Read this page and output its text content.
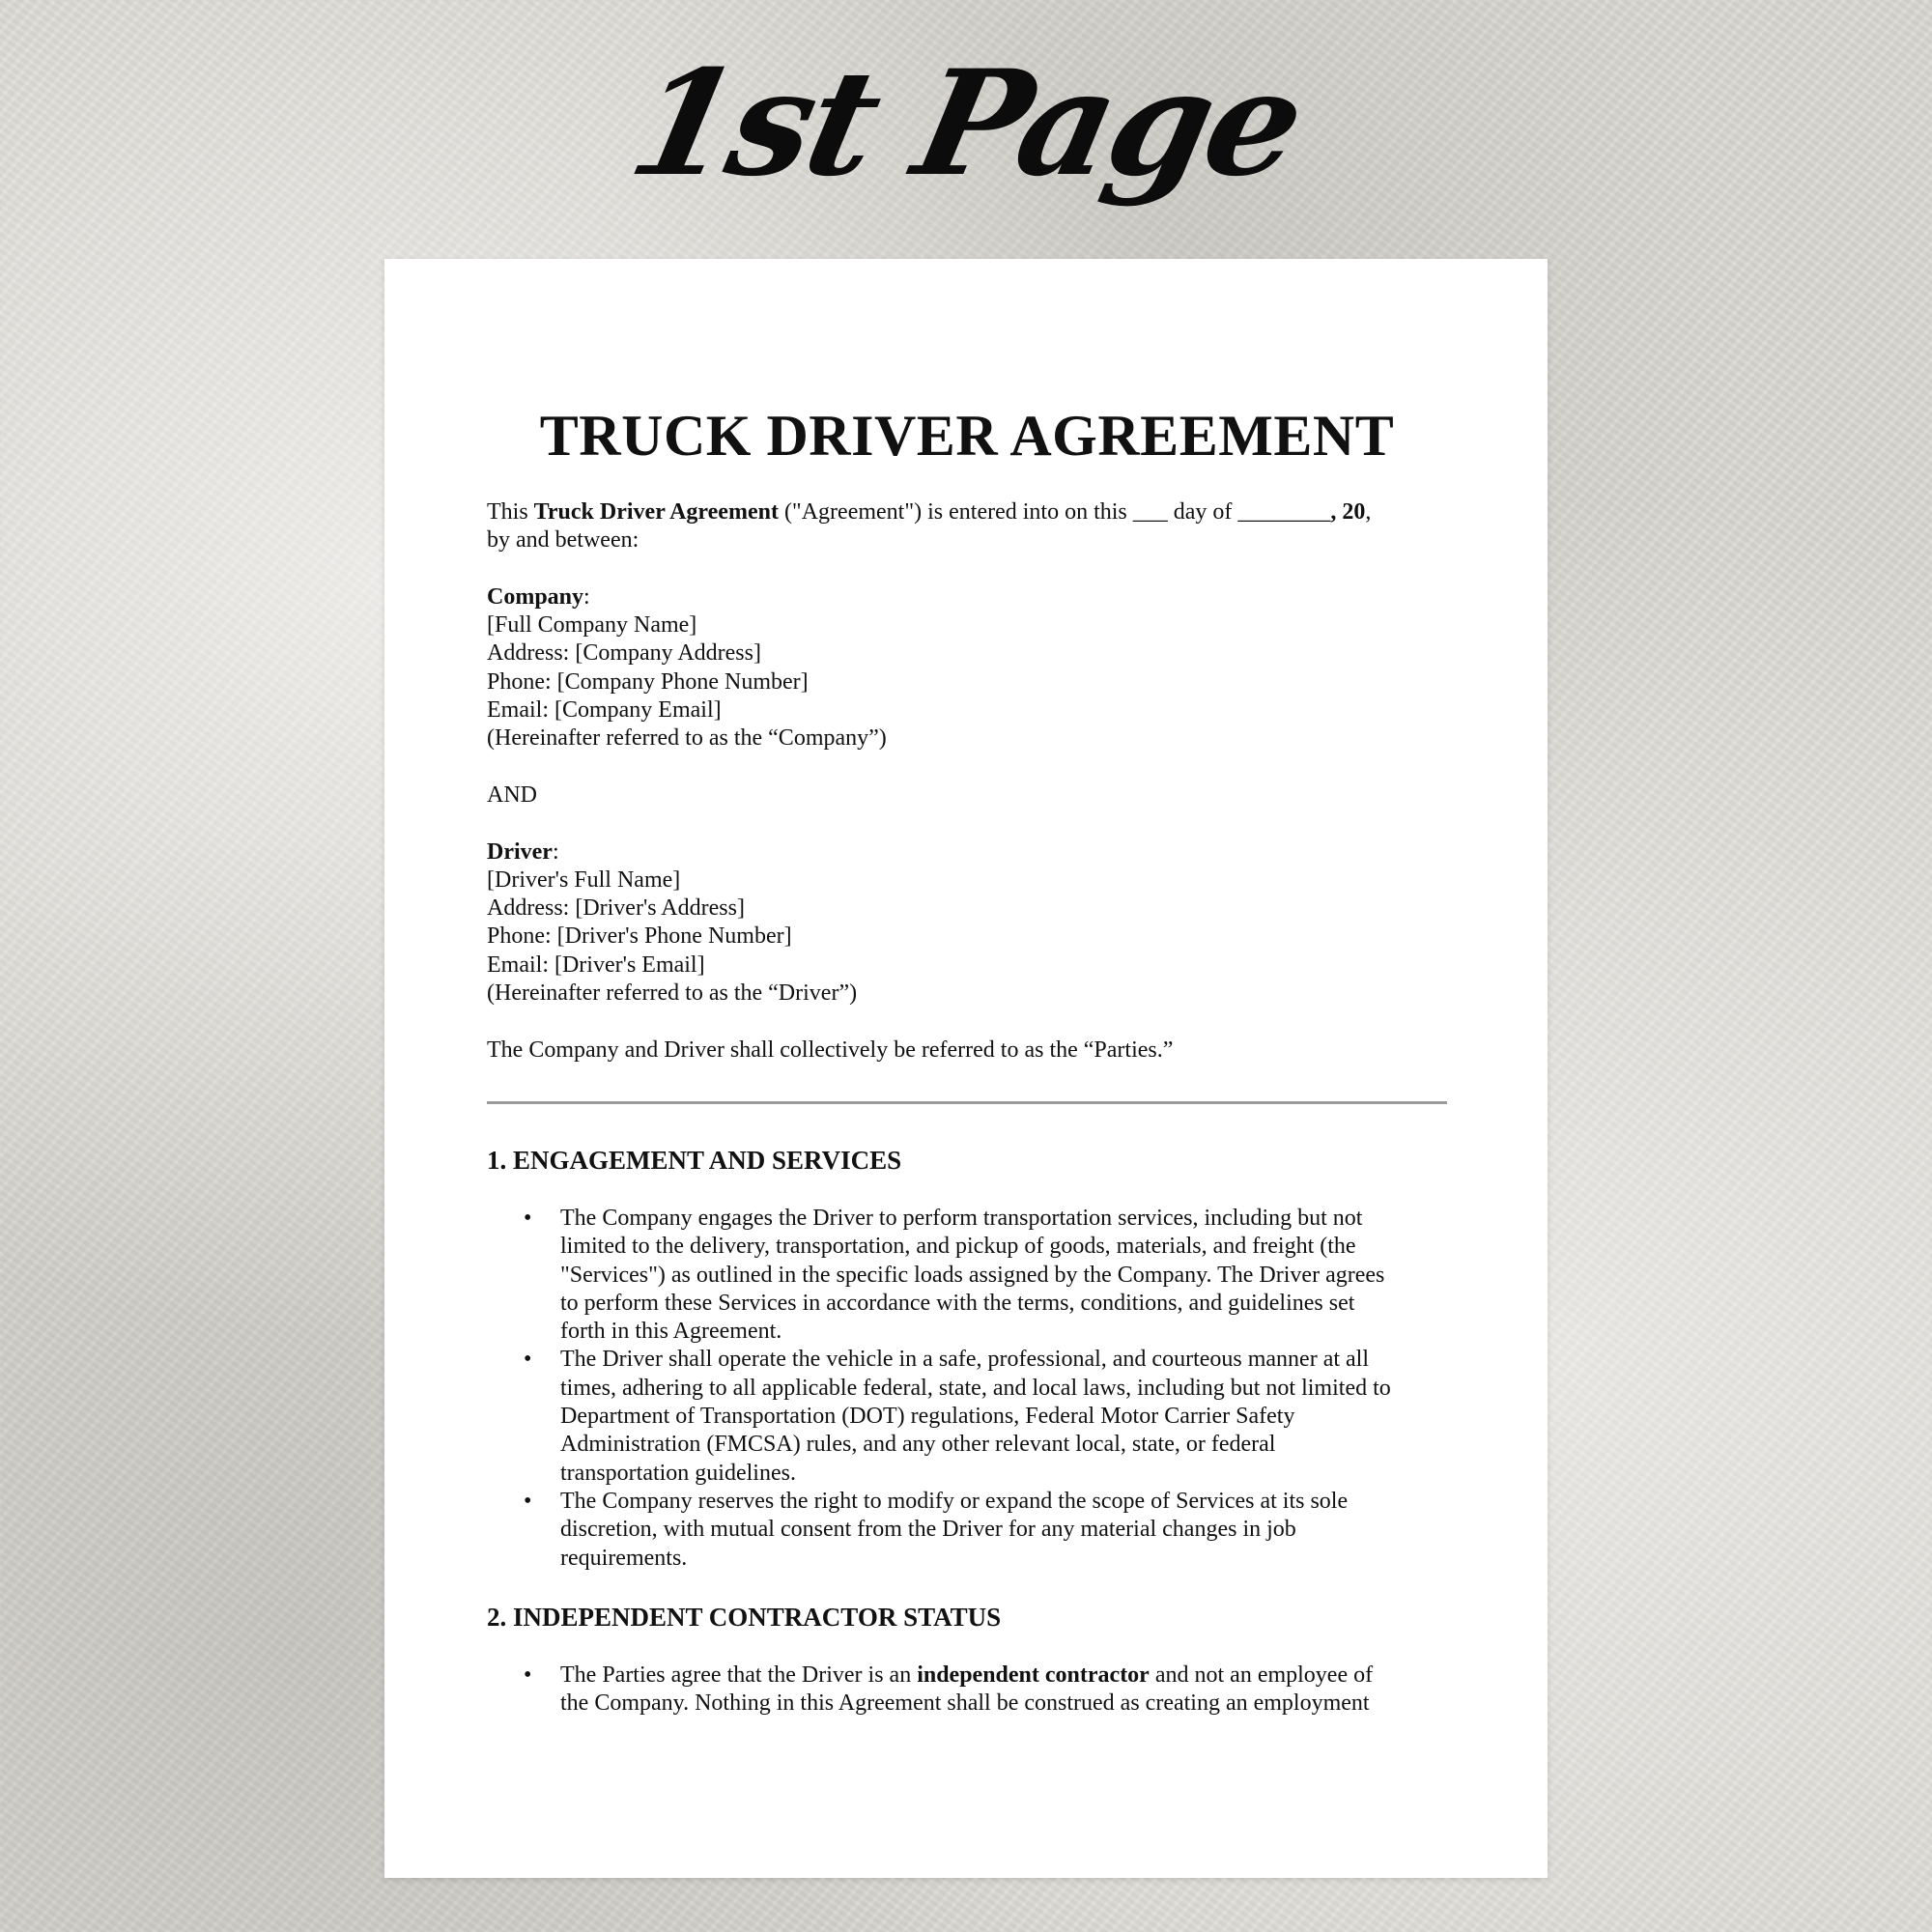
1st Page
TRUCK DRIVER AGREEMENT
This Truck Driver Agreement ("Agreement") is entered into on this ___ day of ________, 20,
by and between:
Company:
[Full Company Name]
Address: [Company Address]
Phone: [Company Phone Number]
Email: [Company Email]
(Hereinafter referred to as the “Company”)
AND
Driver:
[Driver's Full Name]
Address: [Driver's Address]
Phone: [Driver's Phone Number]
Email: [Driver's Email]
(Hereinafter referred to as the “Driver”)
The Company and Driver shall collectively be referred to as the “Parties.”
1. ENGAGEMENT AND SERVICES
• The Company engages the Driver to perform transportation services, including but not
limited to the delivery, transportation, and pickup of goods, materials, and freight (the
"Services") as outlined in the specific loads assigned by the Company. The Driver agrees
to perform these Services in accordance with the terms, conditions, and guidelines set
forth in this Agreement.
• The Driver shall operate the vehicle in a safe, professional, and courteous manner at all
times, adhering to all applicable federal, state, and local laws, including but not limited to
Department of Transportation (DOT) regulations, Federal Motor Carrier Safety
Administration (FMCSA) rules, and any other relevant local, state, or federal
transportation guidelines.
• The Company reserves the right to modify or expand the scope of Services at its sole
discretion, with mutual consent from the Driver for any material changes in job
requirements.
2. INDEPENDENT CONTRACTOR STATUS
• The Parties agree that the Driver is an independent contractor and not an employee of
the Company. Nothing in this Agreement shall be construed as creating an employment
